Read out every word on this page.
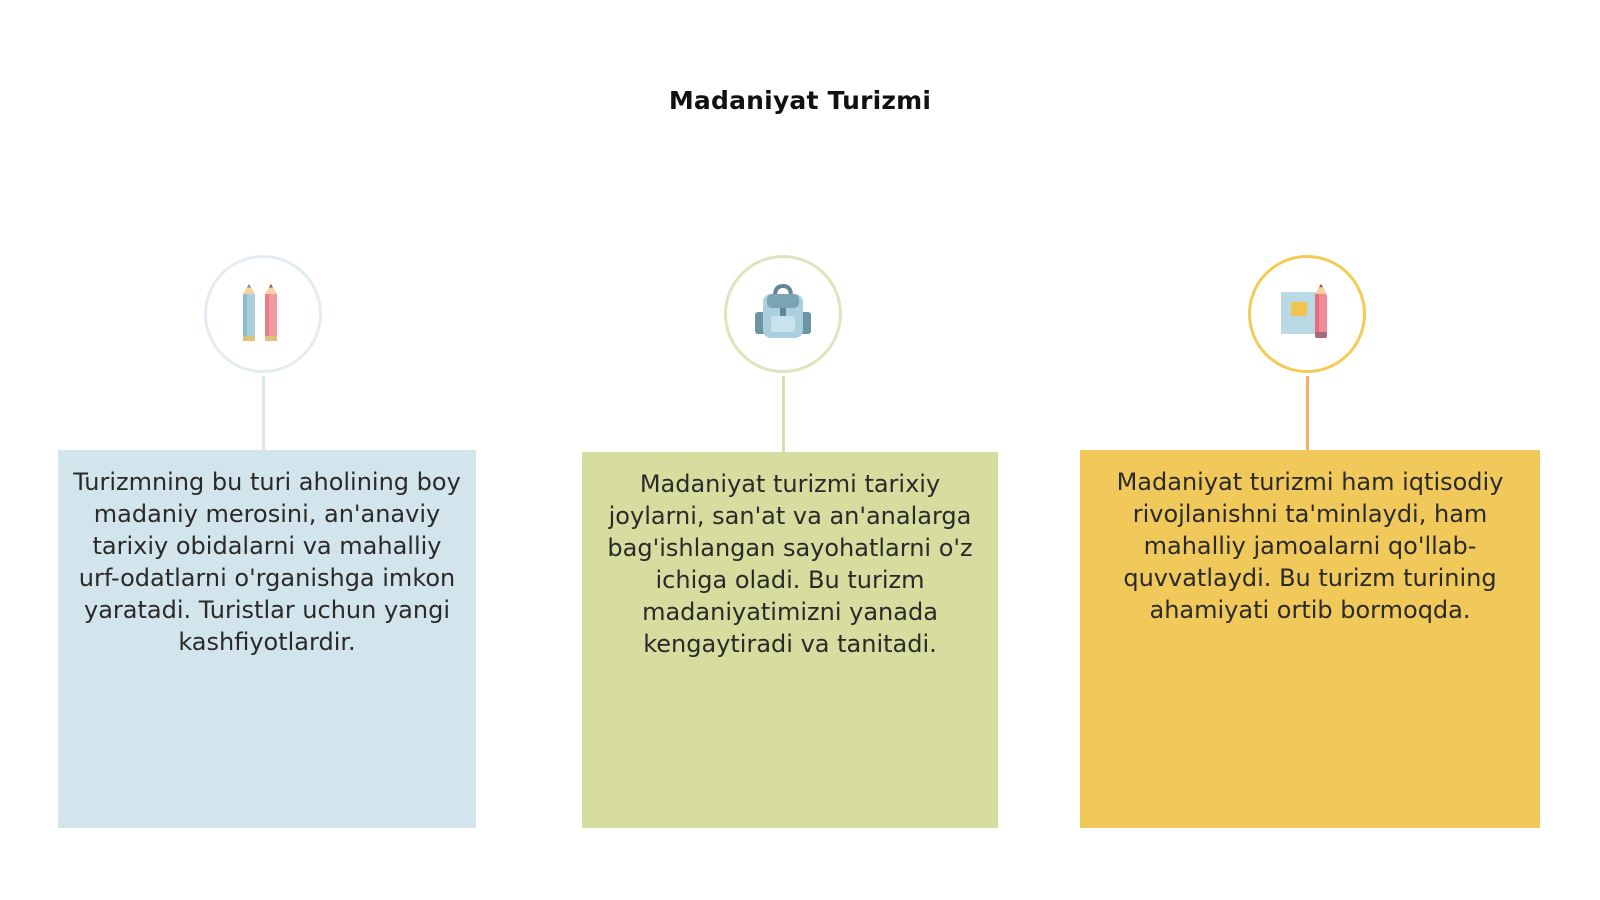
Madaniyat Turizmi
Turizmning bu turi aholining boy madaniy merosini, an'anaviy tarixiy obidalarni va mahalliy urf-odatlarni o'rganishga imkon yaratadi. Turistlar uchun yangi kashfiyotlardir.
Madaniyat turizmi tarixiy joylarni, san'at va an'analarga bag'ishlangan sayohatlarni o'z ichiga oladi. Bu turizm madaniyatimizni yanada kengaytiradi va tanitadi.
Madaniyat turizmi ham iqtisodiy rivojlanishni ta'minlaydi, ham mahalliy jamoalarni qo'llab-quvvatlaydi. Bu turizm turining ahamiyati ortib bormoqda.
